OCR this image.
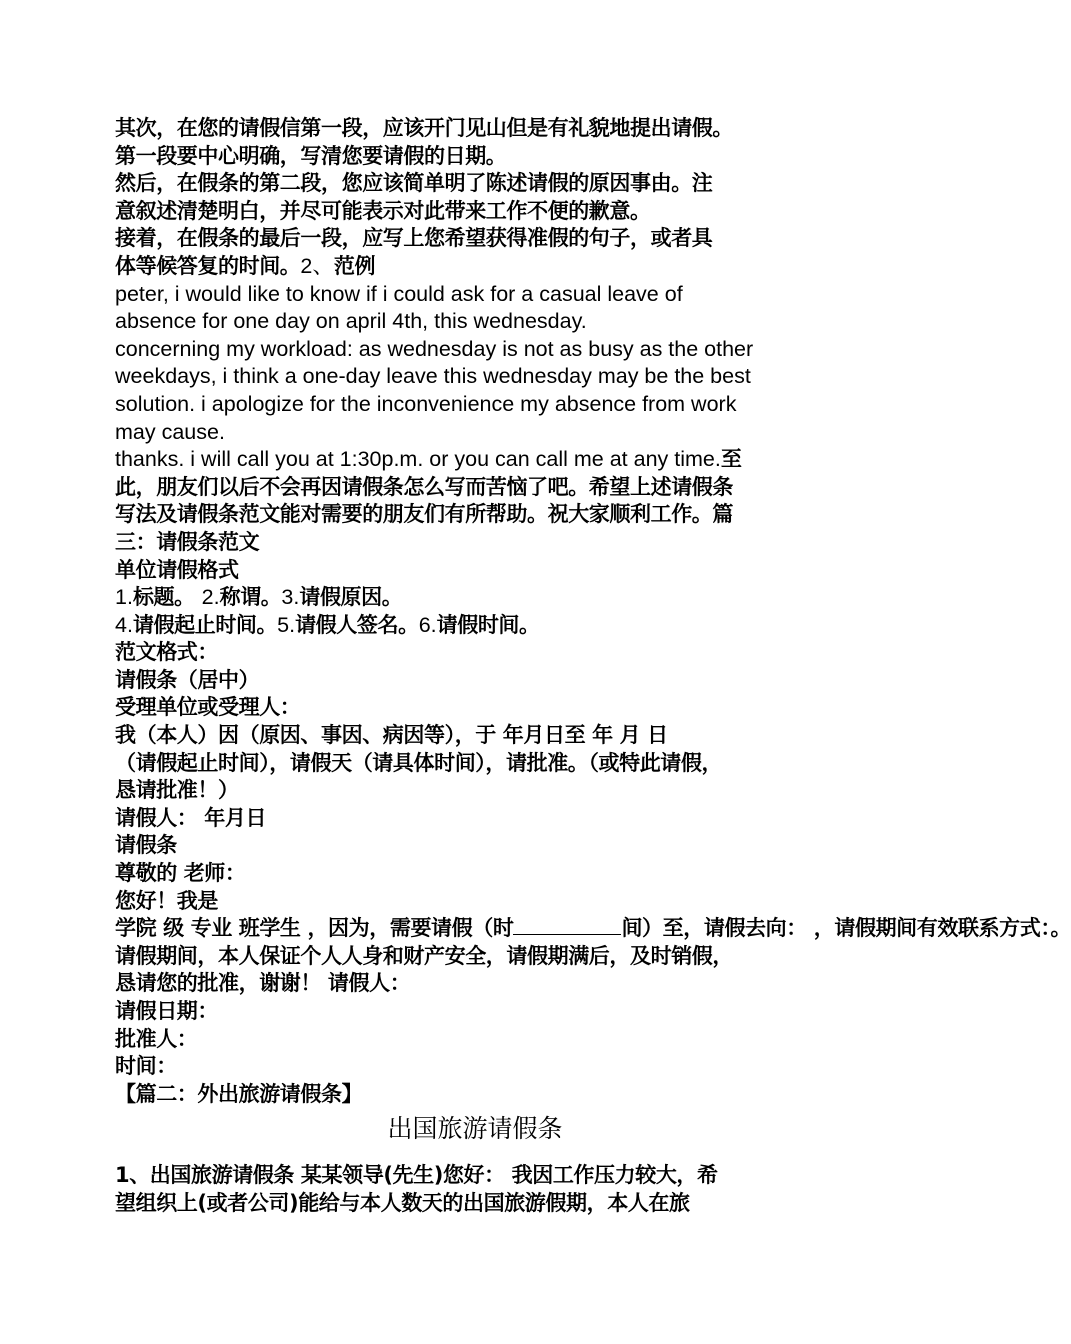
其次，在您的请假信第一段，应该开门见山但是有礼貌地提出请假。
第一段要中心明确，写清您要请假的日期。
然后，在假条的第二段，您应该简单明了陈述请假的原因事由。注
意叙述清楚明白，并尽可能表示对此带来工作不便的歉意。
接着，在假条的最后一段，应写上您希望获得准假的句子，或者具
体等候答复的时间。2、范例
peter, i would like to know if i could ask for a casual leave of
absence for one day on april 4th, this wednesday.
concerning my workload: as wednesday is not as busy as the other
weekdays, i think a one-day leave this wednesday may be the best
solution. i apologize for the inconvenience my absence from work
may cause.
thanks. i will call you at 1:30p.m. or you can call me at any time.至
此，朋友们以后不会再因请假条怎么写而苦恼了吧。希望上述请假条
写法及请假条范文能对需要的朋友们有所帮助。祝大家顺利工作。篇
三：请假条范文
单位请假格式
1.标题。 2.称谓。3.请假原因。
4.请假起止时间。5.请假人签名。6.请假时间。
范文格式：
请假条（居中）
受理单位或受理人：
我（本人）因（原因、事因、病因等），于 年月日至 年 月 日
（请假起止时间），请假天（请具体时间），请批准。（或特此请假，
恳请批准！）
请假人： 年月日
请假条
尊敬的 老师：
您好！我是
学院 级 专业 班学生 ，因为，需要请假（时	间）至，请假去向： ，请假期间有效联系方式：。
请假期间，本人保证个人人身和财产安全，请假期满后，及时销假，
恳请您的批准，谢谢！ 请假人：
请假日期：
批准人：
时间：
【篇二：外出旅游请假条】
出国旅游请假条
1、出国旅游请假条 某某领导(先生)您好： 我因工作压力较大，希
望组织上(或者公司)能给与本人数天的出国旅游假期，本人在旅
